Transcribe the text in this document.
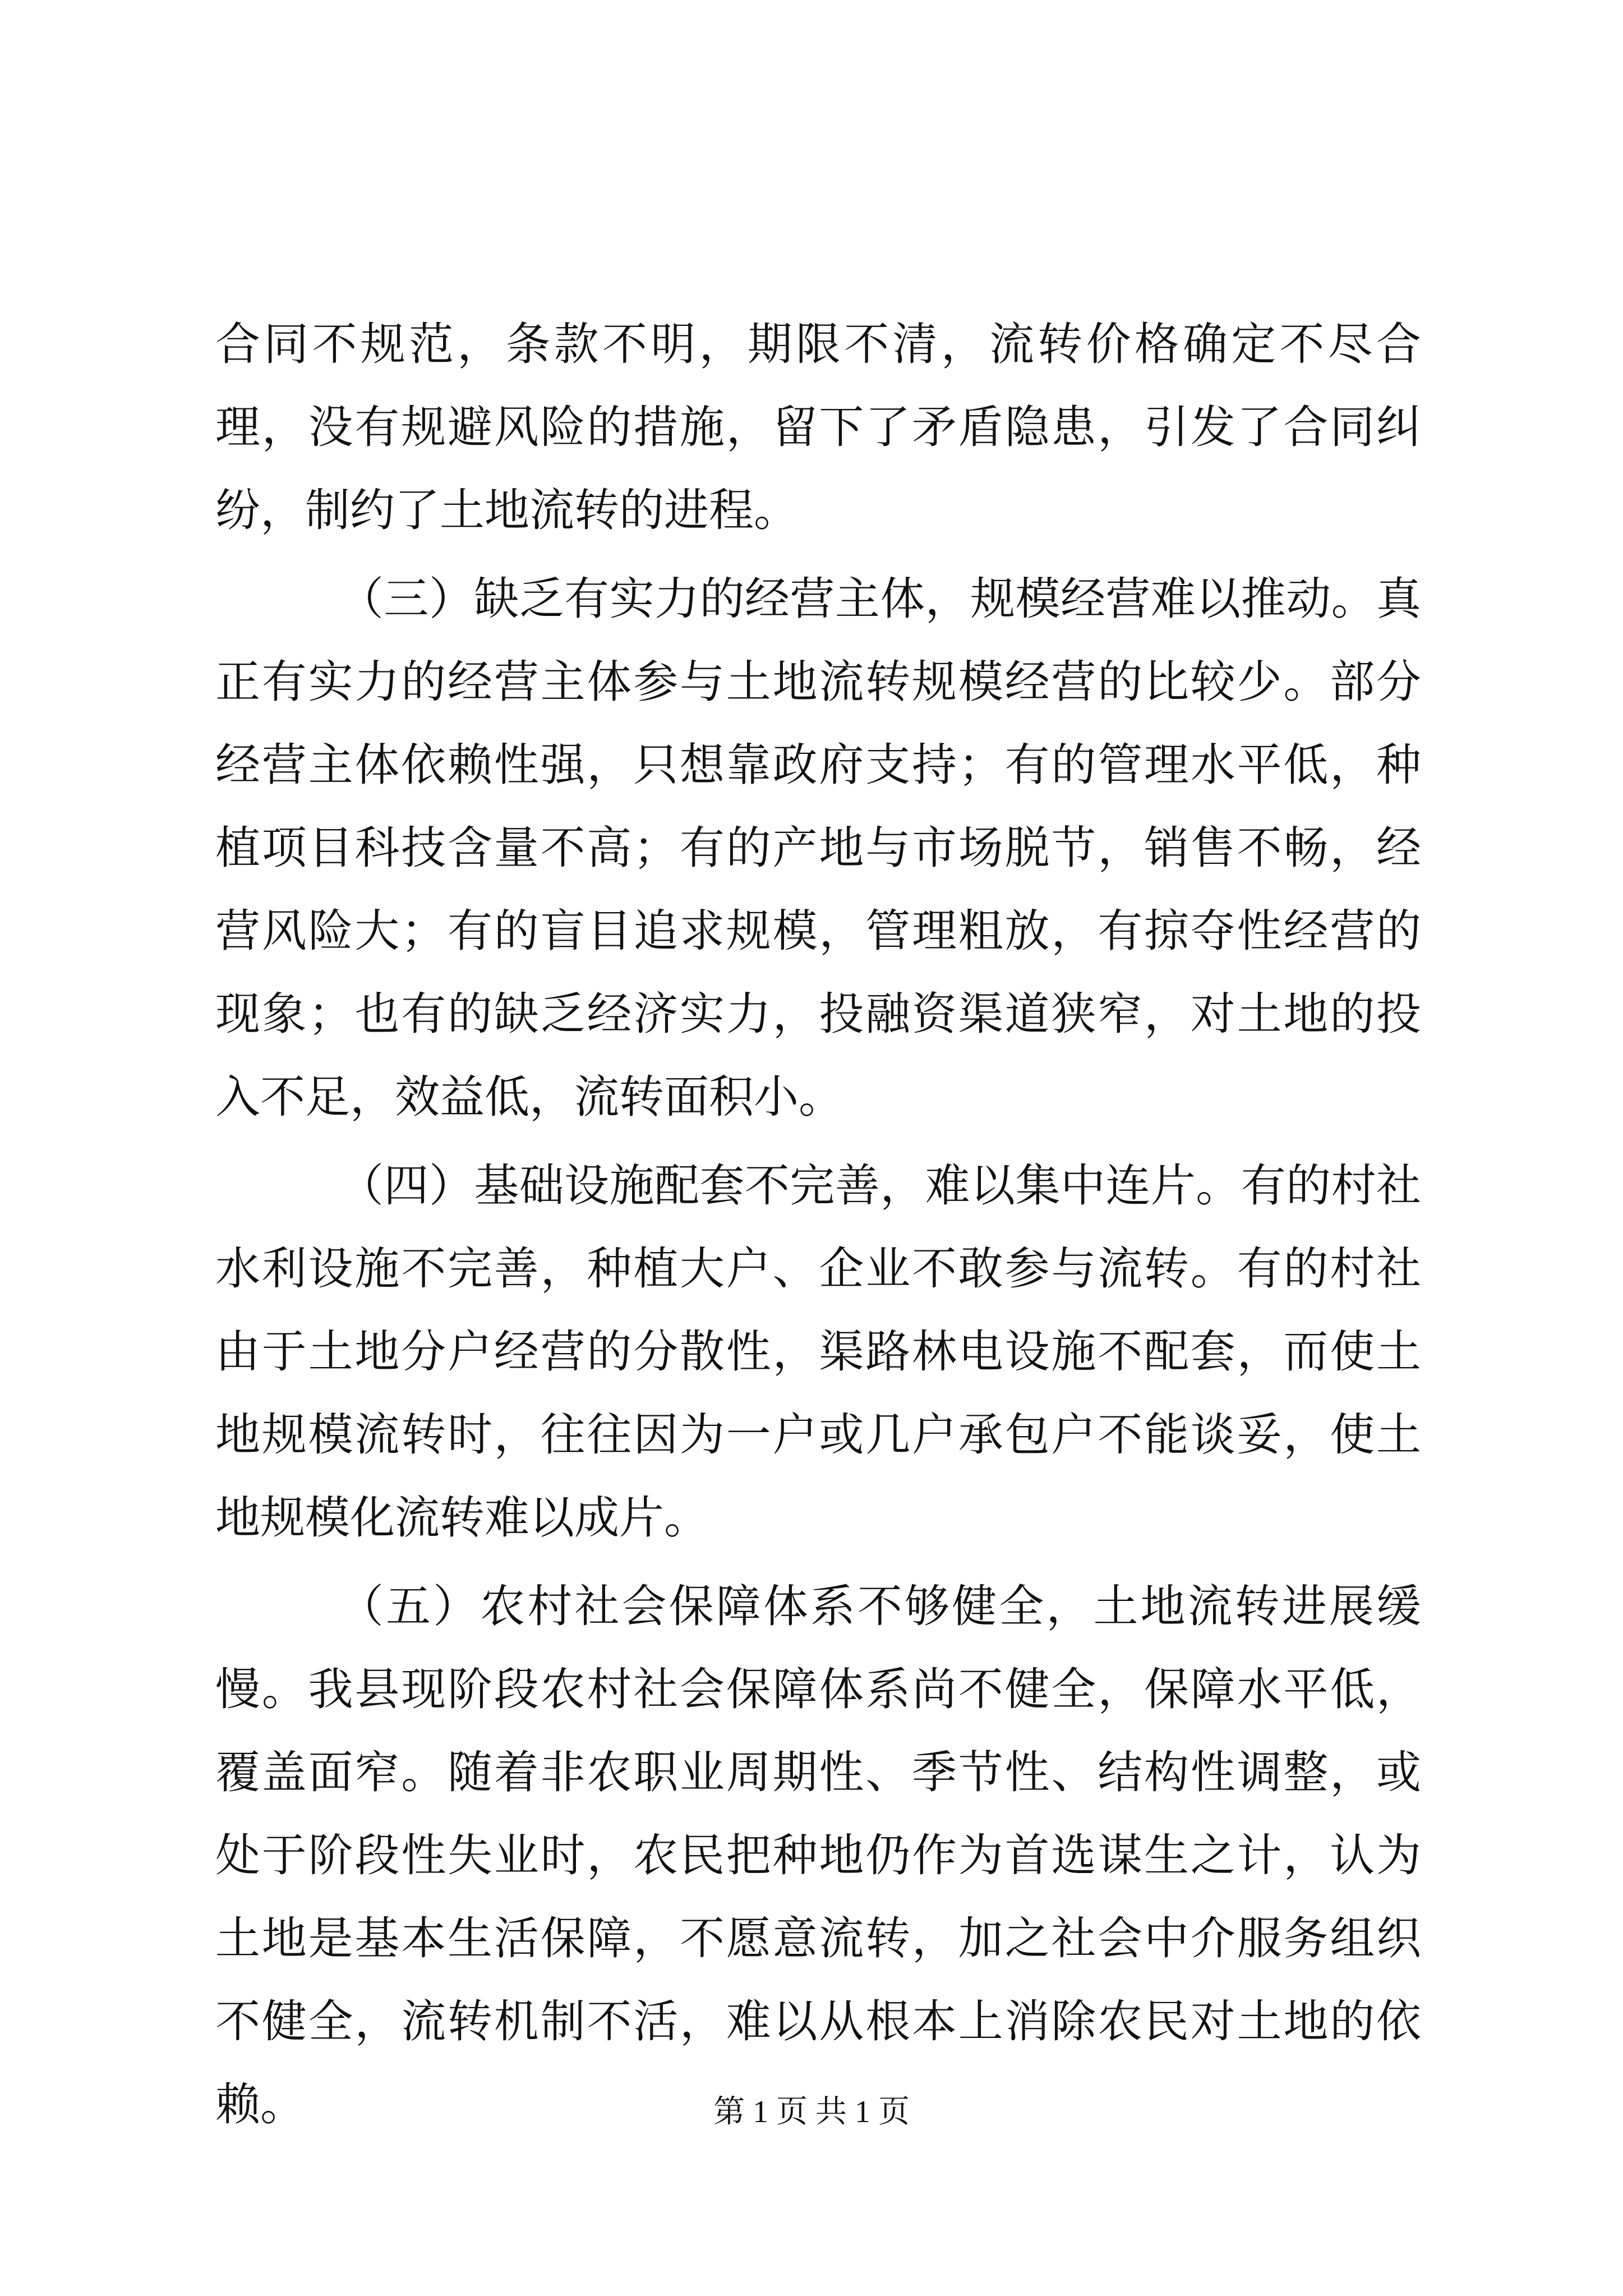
合同不规范，条款不明，期限不清，流转价格确定不尽合理，没有规避风险的措施，留下了矛盾隐患，引发了合同纠纷，制约了土地流转的进程。

（三）缺乏有实力的经营主体，规模经营难以推动。真正有实力的经营主体参与土地流转规模经营的比较少。部分经营主体依赖性强，只想靠政府支持；有的管理水平低，种植项目科技含量不高；有的产地与市场脱节，销售不畅，经营风险大；有的盲目追求规模，管理粗放，有掠夺性经营的现象；也有的缺乏经济实力，投融资渠道狭窄，对土地的投入不足，效益低，流转面积小。

（四）基础设施配套不完善，难以集中连片。有的村社水利设施不完善，种植大户、企业不敢参与流转。有的村社由于土地分户经营的分散性，渠路林电设施不配套，而使土地规模流转时，往往因为一户或几户承包户不能谈妥，使土地规模化流转难以成片。

（五）农村社会保障体系不够健全，土地流转进展缓慢。我县现阶段农村社会保障体系尚不健全，保障水平低，覆盖面窄。随着非农职业周期性、季节性、结构性调整，或处于阶段性失业时，农民把种地仍作为首选谋生之计，认为土地是基本生活保障，不愿意流转，加之社会中介服务组织不健全，流转机制不活，难以从根本上消除农民对土地的依赖。	第 1 页 共 1 页
